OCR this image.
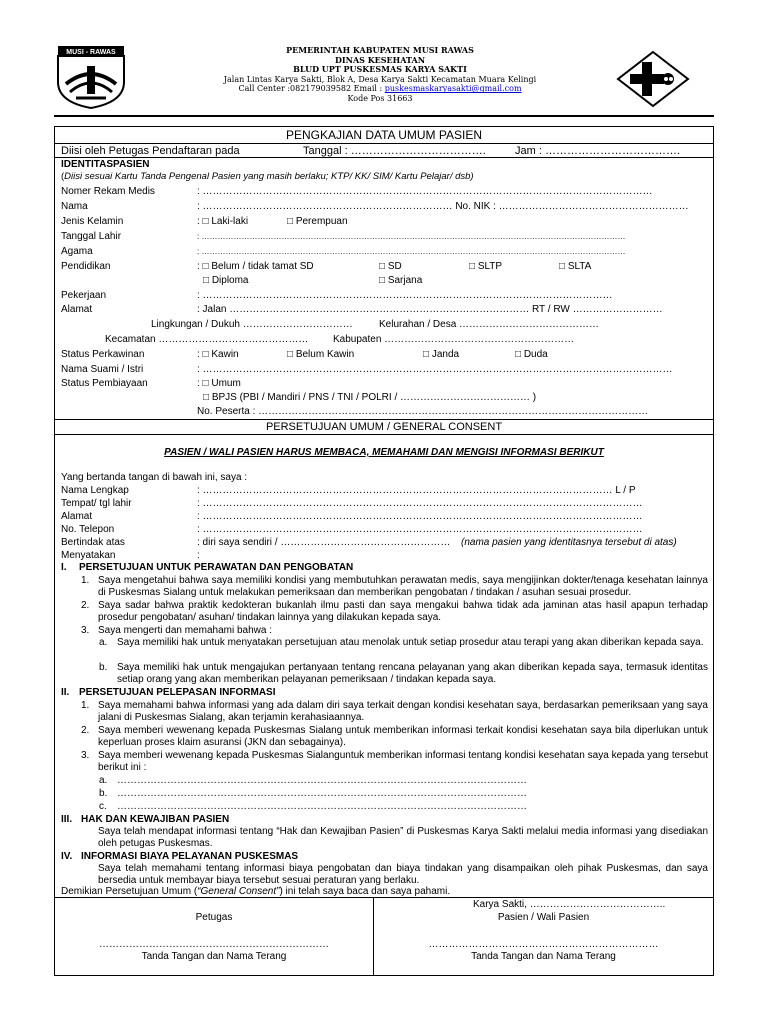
MUSI - RAWAS	PEMERINTAH KABUPATEN MUSI RAWAS
DINAS KESEHATAN
BLUD UPT PUSKESMAS KARYA SAKTI
Jalan Lintas Karya Sakti, Blok A, Desa Karya Sakti Kecamatan Muara Kelingi
Call Center :082179039582 Email : puskesmaskaryasakti@gmail.com
Kode Pos 31663
PENGKAJIAN DATA UMUM PASIEN
Diisi oleh Petugas Pendaftaran pada	Tanggal : ……………………………….	Jam : ……………………………….
IDENTITASPASIEN
(Diisi sesuai Kartu Tanda Pengenal Pasien yang masih berlaku; KTP/ KK/ SIM/ Kartu Pelajar/ dsb)
Nomer Rekam Medis	: ………………………………………………………………………………………………………………………
Nama	: ………………………………………………………………… No. NIK : …………………………………………………
Jenis Kelamin	: □ Laki-laki	□ Perempuan
Tanggal Lahir	: ……………………………………………………………………………………………………………………………………………
Agama	: ……………………………………………………………………………………………………………………………………………
Pendidikan	: □ Belum / tidak tamat SD	□ SD	□ SLTP	□ SLTA
□ Diploma	□ Sarjana
Pekerjaan	: ……………………………………………………………………………………………………………
Alamat	: Jalan ……………………………………………………………………………… RT / RW ………………………
Lingkungan / Dukuh ……………………………	Kelurahan / Desa ……………………………………
Kecamatan ……………………………………… Kabupaten …………………………………………………
Status Perkawinan	: □ Kawin	□ Belum Kawin	□ Janda	□ Duda
Nama Suami / Istri	: ……………………………………………………………………………………………………………………………
Status Pembiayaan	: □ Umum
□ BPJS (PBI / Mandiri / PNS / TNI / POLRI / ………………………………… )
No. Peserta : ………………………………………………………………………………………………………
PERSETUJUAN UMUM / GENERAL CONSENT
PASIEN / WALI PASIEN HARUS MEMBACA, MEMAHAMI DAN MENGISI INFORMASI BERIKUT
Yang bertanda tangan di bawah ini, saya :
Nama Lengkap	: …………………………………………………………………………………………………………… L / P
Tempat/ tgl lahir	: ……………………………………………………………………………………………………………………
Alamat	: ……………………………………………………………………………………………………………………
No. Telepon	: ……………………………………………………………………………………………………………………
Bertindak atas	: diri saya sendiri / …………………………………………… (nama pasien yang identitasnya tersebut di atas)
Menyatakan	:
I. PERSETUJUAN UNTUK PERAWATAN DAN PENGOBATAN
1. Saya mengetahui bahwa saya memiliki kondisi yang membutuhkan perawatan medis, saya mengijinkan dokter/tenaga kesehatan lainnya di Puskesmas Sialang untuk melakukan pemeriksaan dan memberikan pengobatan / tindakan / asuhan sesuai prosedur.
2. Saya sadar bahwa praktik kedokteran bukanlah ilmu pasti dan saya mengakui bahwa tidak ada jaminan atas hasil apapun terhadap prosedur pengobatan/ asuhan/ tindakan lainnya yang dilakukan kepada saya.
3. Saya mengerti dan memahami bahwa :
a. Saya memiliki hak untuk menyatakan persetujuan atau menolak untuk setiap prosedur atau terapi yang akan diberikan kepada saya.
b. Saya memiliki hak untuk mengajukan pertanyaan tentang rencana pelayanan yang akan diberikan kepada saya, termasuk identitas setiap orang yang akan memberikan pelayanan pemeriksaan / tindakan kepada saya.
II. PERSETUJUAN PELEPASAN INFORMASI
1. Saya memahami bahwa informasi yang ada dalam diri saya terkait dengan kondisi kesehatan saya, berdasarkan pemeriksaan yang saya jalani di Puskesmas Sialang, akan terjamin kerahasiaannya.
2. Saya memberi wewenang kepada Puskesmas Sialang untuk memberikan informasi terkait kondisi kesehatan saya bila diperlukan untuk keperluan proses klaim asuransi (JKN dan sebagainya).
3. Saya memberi wewenang kepada Puskesmas Sialanguntuk memberikan informasi tentang kondisi kesehatan saya kepada yang tersebut berikut ini :
a. ……………………………………………………………………………………………………………
b. ……………………………………………………………………………………………………………
c. ……………………………………………………………………………………………………………
III. HAK DAN KEWAJIBAN PASIEN
Saya telah mendapat informasi tentang “Hak dan Kewajiban Pasien” di Puskesmas Karya Sakti melalui media informasi yang disediakan oleh petugas Puskesmas.
IV. INFORMASI BIAYA PELAYANAN PUSKESMAS
Saya telah memahami tentang informasi biaya pengobatan dan biaya tindakan yang disampaikan oleh pihak Puskesmas, dan saya bersedia untuk membayar biaya tersebut sesuai peraturan yang berlaku.
Demikian Persetujuan Umum (“General Consent”) ini telah saya baca dan saya pahami.
Karya Sakti, …………………………………..
Petugas	Pasien / Wali Pasien
……………………………………………………………	……………………………………………………………
Tanda Tangan dan Nama Terang	Tanda Tangan dan Nama Terang
